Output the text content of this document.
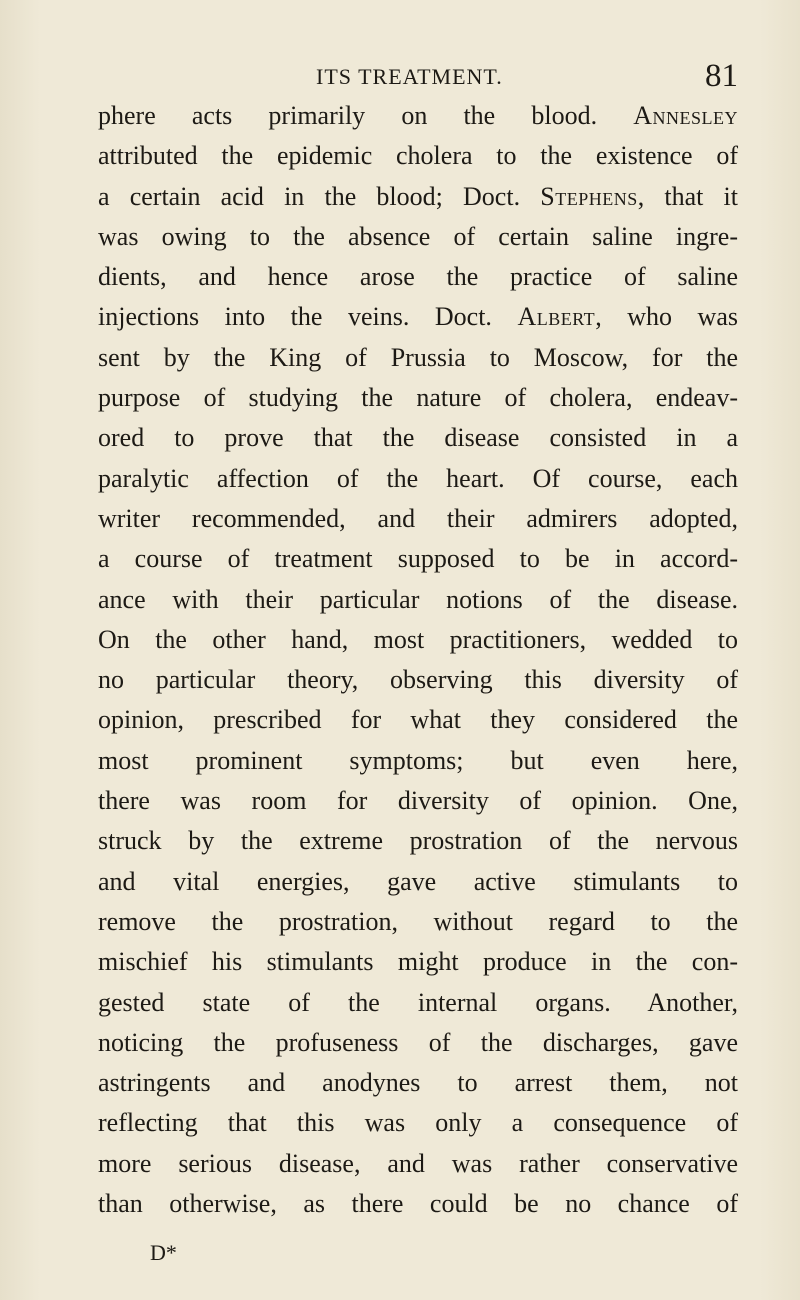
ITS TREATMENT.	81
phere acts primarily on the blood. Annesley
attributed the epidemic cholera to the existence of
a certain acid in the blood; Doct. Stephens, that it
was owing to the absence of certain saline ingre-
dients, and hence arose the practice of saline
injections into the veins. Doct. Albert, who was
sent by the King of Prussia to Moscow, for the
purpose of studying the nature of cholera, endeav-
ored to prove that the disease consisted in a
paralytic affection of the heart. Of course, each
writer recommended, and their admirers adopted,
a course of treatment supposed to be in accord-
ance with their particular notions of the disease.
On the other hand, most practitioners, wedded to
no particular theory, observing this diversity of
opinion, prescribed for what they considered the
most prominent symptoms; but even here,
there was room for diversity of opinion. One,
struck by the extreme prostration of the nervous
and vital energies, gave active stimulants to
remove the prostration, without regard to the
mischief his stimulants might produce in the con-
gested state of the internal organs. Another,
noticing the profuseness of the discharges, gave
astringents and anodynes to arrest them, not
reflecting that this was only a consequence of
more serious disease, and was rather conservative
than otherwise, as there could be no chance of
D*
